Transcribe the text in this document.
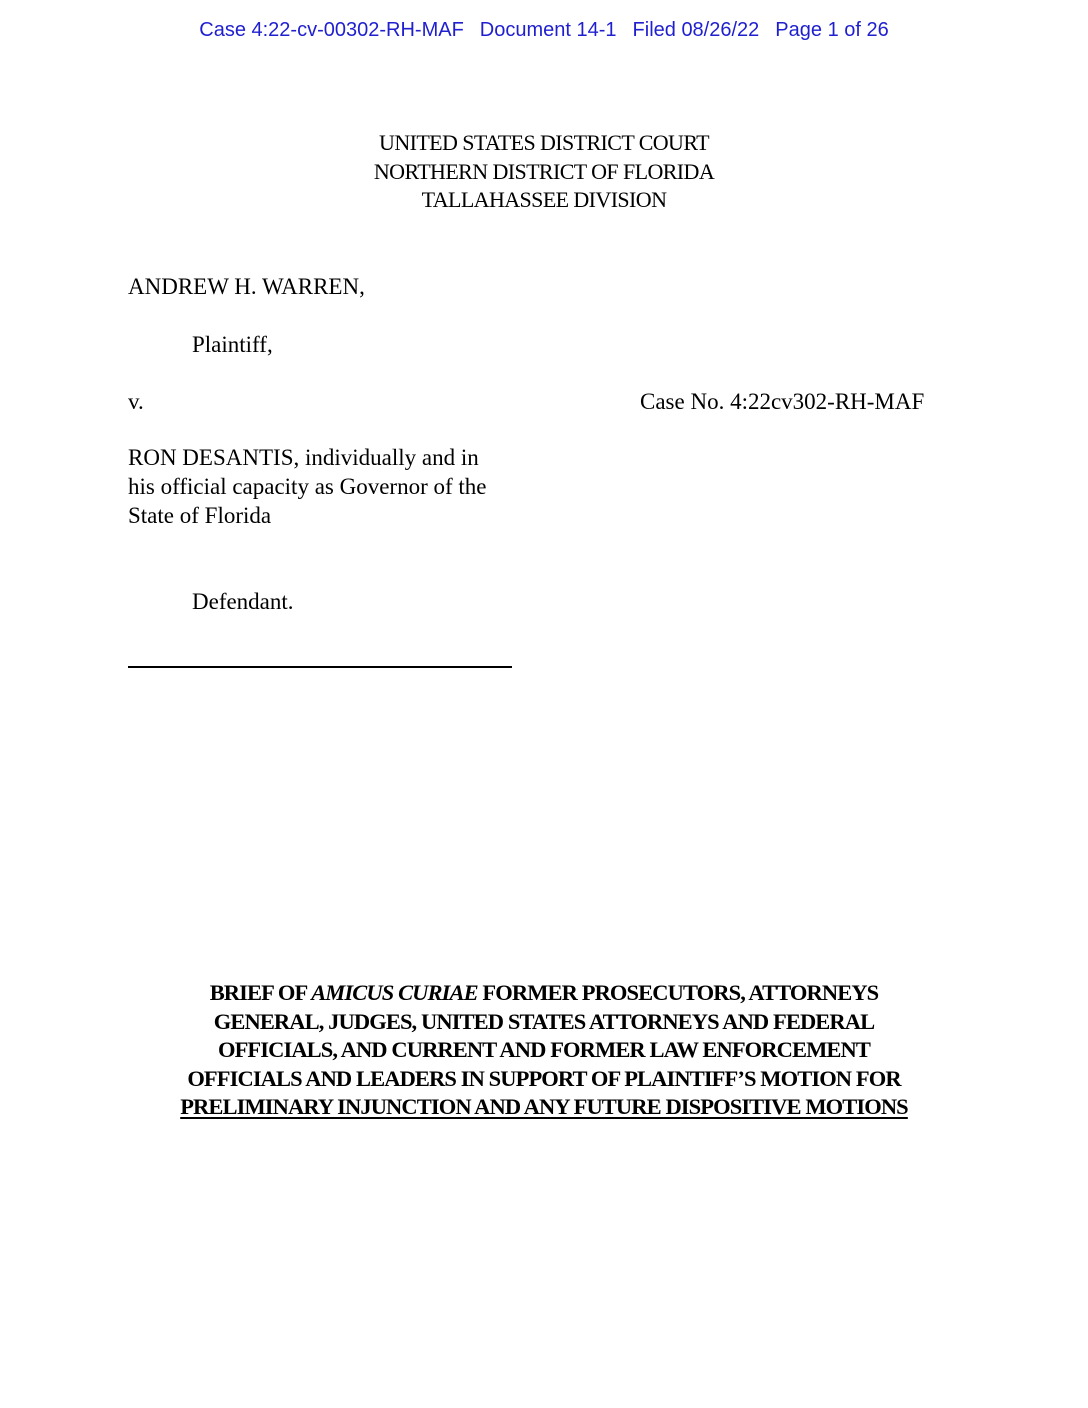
Case 4:22-cv-00302-RH-MAF Document 14-1 Filed 08/26/22 Page 1 of 26
UNITED STATES DISTRICT COURT
NORTHERN DISTRICT OF FLORIDA
TALLAHASSEE DIVISION
ANDREW H. WARREN,
Plaintiff,
v.	Case No. 4:22cv302-RH-MAF
RON DESANTIS, individually and in
his official capacity as Governor of the
State of Florida
Defendant.
BRIEF OF AMICUS CURIAE FORMER PROSECUTORS, ATTORNEYS
GENERAL, JUDGES, UNITED STATES ATTORNEYS AND FEDERAL
OFFICIALS, AND CURRENT AND FORMER LAW ENFORCEMENT
OFFICIALS AND LEADERS IN SUPPORT OF PLAINTIFF’S MOTION FOR
PRELIMINARY INJUNCTION AND ANY FUTURE DISPOSITIVE MOTIONS
